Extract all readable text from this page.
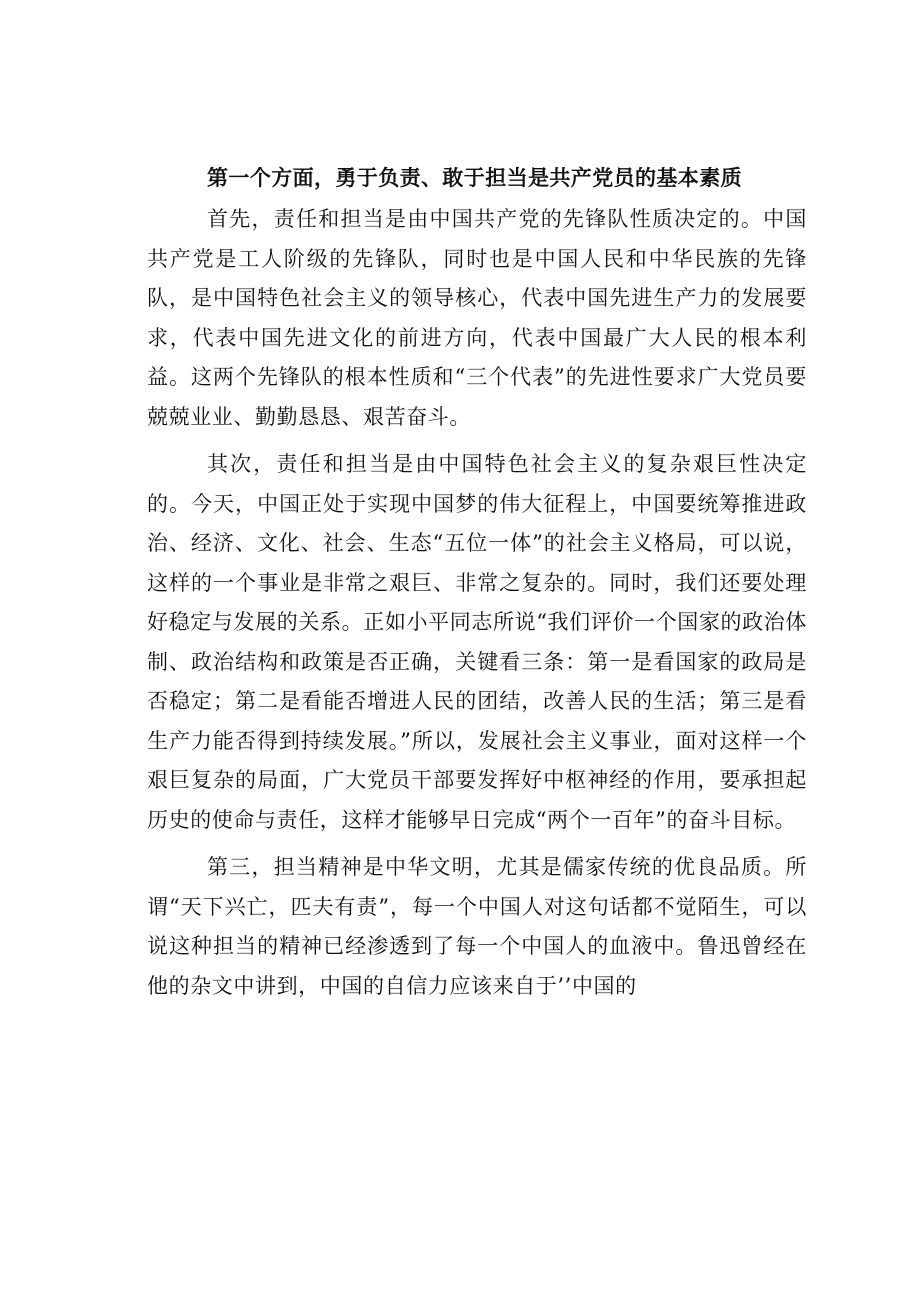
第一个方面，勇于负责、敢于担当是共产党员的基本素质

首先，责任和担当是由中国共产党的先锋队性质决定的。中国共产党是工人阶级的先锋队，同时也是中国人民和中华民族的先锋队，是中国特色社会主义的领导核心，代表中国先进生产力的发展要求，代表中国先进文化的前进方向，代表中国最广大人民的根本利益。这两个先锋队的根本性质和“三个代表”的先进性要求广大党员要兢兢业业、勤勤恳恳、艰苦奋斗。

其次，责任和担当是由中国特色社会主义的复杂艰巨性决定的。今天，中国正处于实现中国梦的伟大征程上，中国要统筹推进政治、经济、文化、社会、生态“五位一体”的社会主义格局，可以说，这样的一个事业是非常之艰巨、非常之复杂的。同时，我们还要处理好稳定与发展的关系。正如小平同志所说“我们评价一个国家的政治体制、政治结构和政策是否正确，关键看三条：第一是看国家的政局是否稳定；第二是看能否增进人民的团结，改善人民的生活；第三是看生产力能否得到持续发展。”所以，发展社会主义事业，面对这样一个艰巨复杂的局面，广大党员干部要发挥好中枢神经的作用，要承担起历史的使命与责任，这样才能够早日完成“两个一百年”的奋斗目标。

第三，担当精神是中华文明，尤其是儒家传统的优良品质。所谓“天下兴亡，匹夫有责”，每一个中国人对这句话都不觉陌生，可以说这种担当的精神已经渗透到了每一个中国人的血液中。鲁迅曾经在他的杂文中讲到，中国的自信力应该来自于’’中国的
